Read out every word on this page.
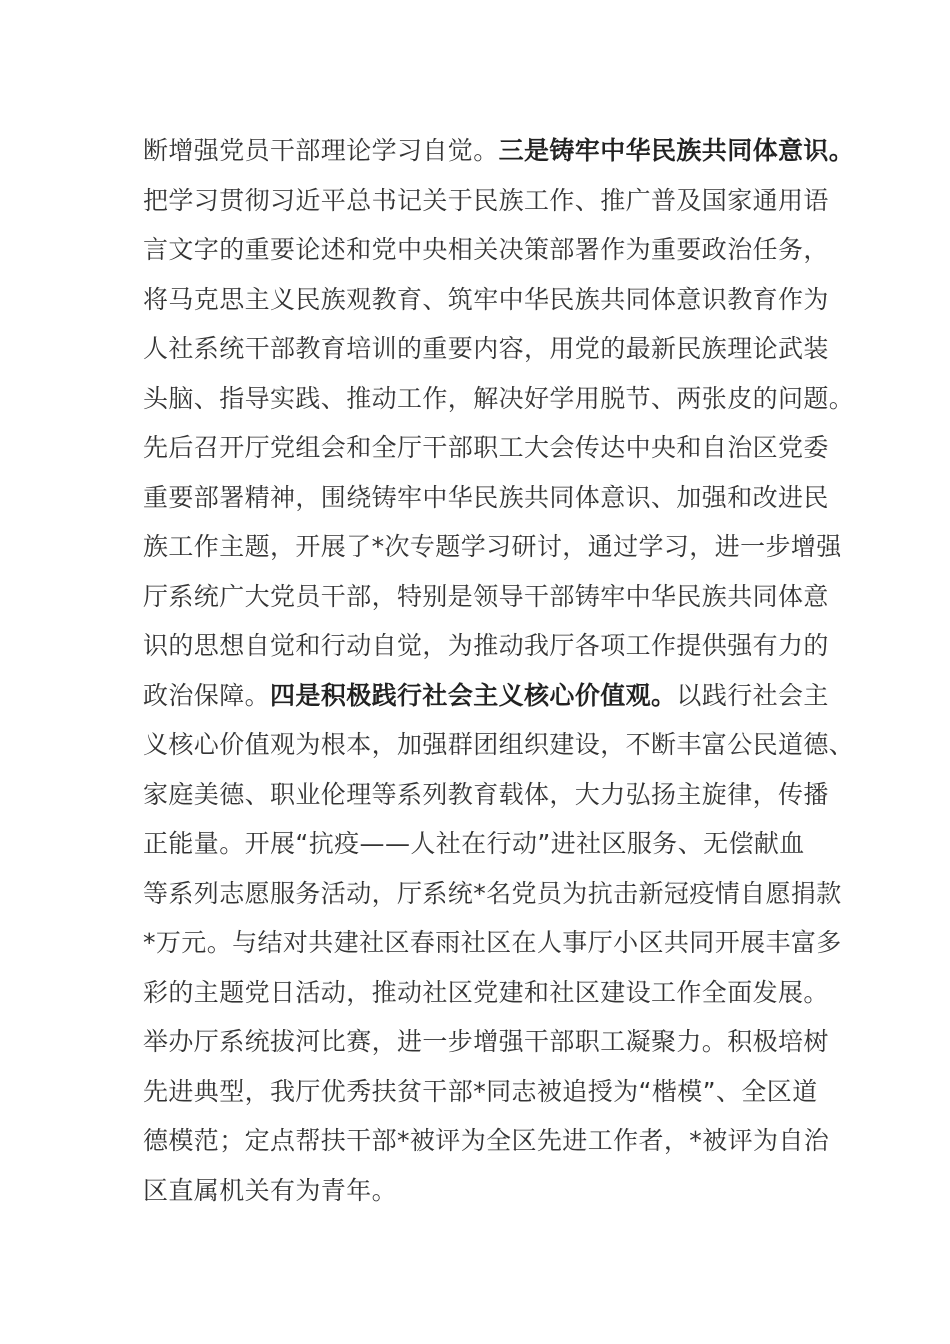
断增强党员干部理论学习自觉。三是铸牢中华民族共同体意识。
把学习贯彻习近平总书记关于民族工作、推广普及国家通用语
言文字的重要论述和党中央相关决策部署作为重要政治任务，
将马克思主义民族观教育、筑牢中华民族共同体意识教育作为
人社系统干部教育培训的重要内容，用党的最新民族理论武装
头脑、指导实践、推动工作，解决好学用脱节、两张皮的问题。
先后召开厅党组会和全厅干部职工大会传达中央和自治区党委
重要部署精神，围绕铸牢中华民族共同体意识、加强和改进民
族工作主题，开展了*次专题学习研讨，通过学习，进一步增强
厅系统广大党员干部，特别是领导干部铸牢中华民族共同体意
识的思想自觉和行动自觉，为推动我厅各项工作提供强有力的
政治保障。四是积极践行社会主义核心价值观。以践行社会主
义核心价值观为根本，加强群团组织建设，不断丰富公民道德、
家庭美德、职业伦理等系列教育载体，大力弘扬主旋律，传播
正能量。开展“抗疫——人社在行动”进社区服务、无偿献血
等系列志愿服务活动，厅系统*名党员为抗击新冠疫情自愿捐款
*万元。与结对共建社区春雨社区在人事厅小区共同开展丰富多
彩的主题党日活动，推动社区党建和社区建设工作全面发展。
举办厅系统拔河比赛，进一步增强干部职工凝聚力。积极培树
先进典型，我厅优秀扶贫干部*同志被追授为“楷模”、全区道
德模范；定点帮扶干部*被评为全区先进工作者，*被评为自治
区直属机关有为青年。
